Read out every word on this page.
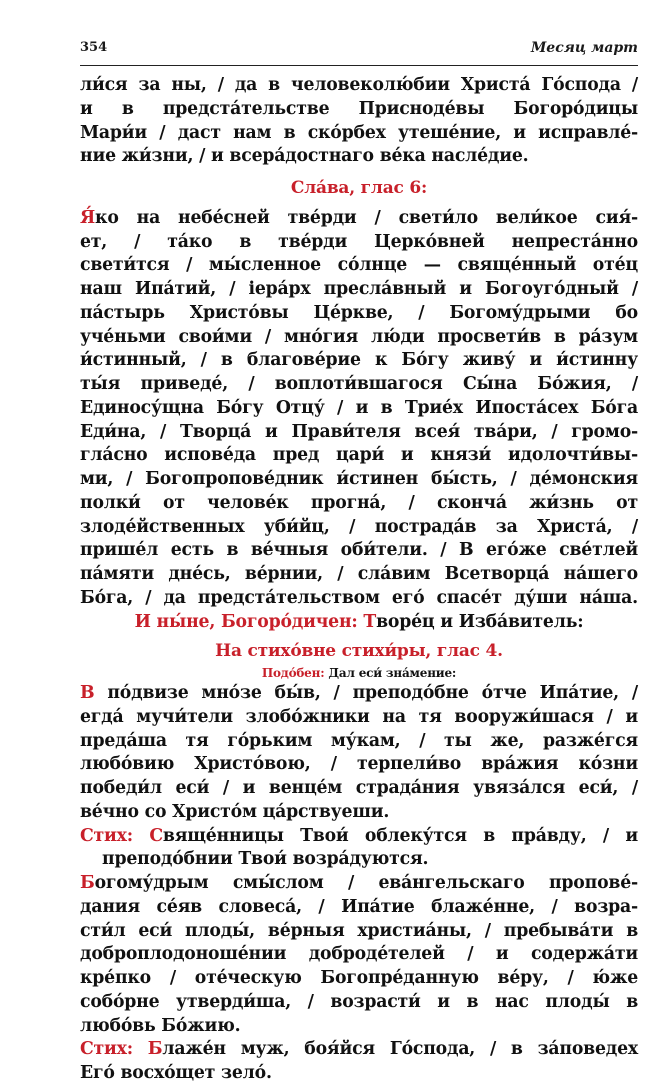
354	Месяц март
ли́ся за ны, / да в человеколю́бии Христа́ Го́спода /
и в предста́тельстве Присноде́вы Богоро́дицы
Мари́и / даст нам в ско́рбех утеше́ние, и исправле́-
ние жи́зни, / и всера́достнаго ве́ка насле́дие.
Сла́ва, глас 6:
Я́ко на небе́сней тве́рди / свети́ло вели́кое сия́-
ет, / та́ко в тве́рди Церко́вней непреста́нно
свети́тся / мы́сленное со́лнце — свяще́нный оте́ц
наш Ипа́тий, / iера́рх пресла́вный и Богоуго́дный /
па́стырь Христо́вы Це́ркве, / Богому́дрыми бо
уче́ньми свои́ми / мно́гия лю́ди просвети́в в ра́зум
и́стинный, / в благове́рие к Бо́гу живу́ и и́стинну
ты́я приведе́, / воплоти́вшагося Сы́на Бо́жия, /
Единосу́щна Бо́гу Отцу́ / и в Трие́х Ипоста́сех Бо́га
Еди́на, / Творца́ и Прави́теля всея́ тва́ри, / громо-
гла́сно испове́да пред цари́ и князи́ идолочти́вы-
ми, / Богопропове́дник и́стинен бы́сть, / де́монския
полки́ от челове́к прогна́, / сконча́ жи́знь от
злоде́йственных уби́йц, / пострада́в за Христа́, /
прише́л есть в ве́чныя оби́тели. / В его́же све́тлей
па́мяти дне́сь, ве́рнии, / сла́вим Всетворца́ на́шего
Бо́га, / да предста́тельством его́ спасе́т ду́ши на́ша.
И ны́не, Богоро́дичен: Творе́ц и Изба́витель:
На стихо́вне стихи́ры, глас 4.
Подо́бен: Дал еси́ зна́мение:
В по́двизе мно́зе бы́в, / преподо́бне о́тче Ипа́тие, /
егда́ мучи́тели злобо́жники на тя вооружи́шася / и
преда́ша тя го́рьким му́кам, / ты же, разже́гся
любо́вию Христо́вою, / терпели́во вра́жия ко́зни
победи́л еси́ / и венце́м страда́ния увяза́лся еси́, /
ве́чно со Христо́м ца́рствуеши.
Стих: Свяще́нницы Твои́ облеку́тся в пра́вду, / и
преподо́бнии Твои́ возра́дуются.
Богому́дрым смы́слом / ева́нгельскаго пропове́-
дания се́яв словеса́, / Ипа́тие блаже́нне, / возра-
сти́л еси́ плоды́, ве́рныя христиа́ны, / пребыва́ти в
доброплодоноше́нии доброде́телей / и содержа́ти
кре́пко / оте́ческую Богопре́данную ве́ру, / ю́же
собо́рне утверди́ша, / возрасти́ и в нас плоды́ в
любо́вь Бо́жию.
Стих: Блаже́н муж, боя́йся Го́спода, / в за́поведех
Его́ восхо́щет зело́.
